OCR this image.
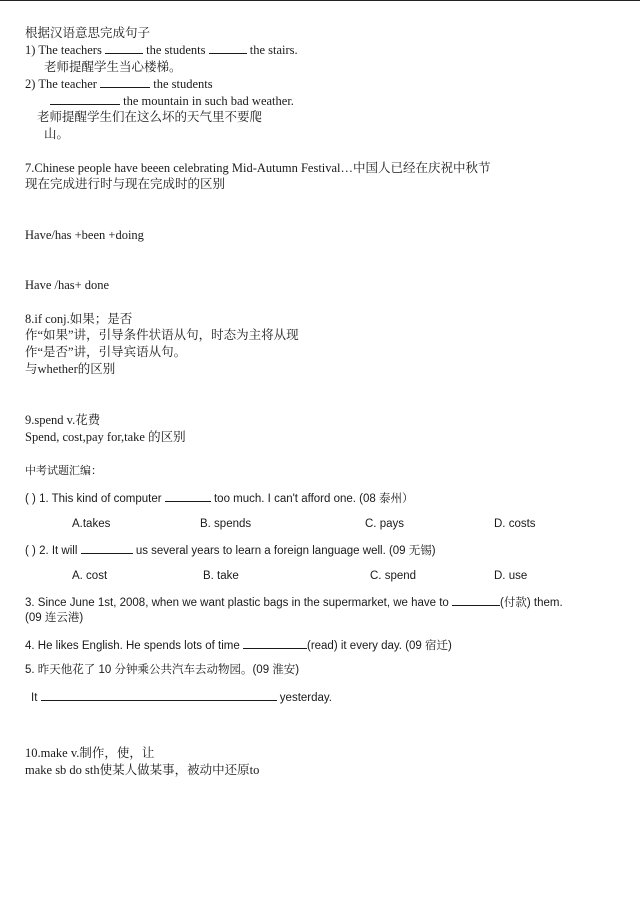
根据汉语意思完成句子
1) The teachers	the students	the stairs.
老师提醒学生当心楼梯。
2) The teacher	the students
the mountain in such bad weather.
老师提醒学生们在这么坏的天气里不要爬
山。
7.Chinese people have beeen celebrating Mid-Autumn Festival…中国人已经在庆祝中秋节
现在完成进行时与现在完成时的区别
Have/has +been +doing
Have /has+ done
8.if conj.如果；是否
作“如果”讲，引导条件状语从句，时态为主将从现
作“是否”讲，引导宾语从句。
与whether的区别
9.spend v.花费
Spend, cost,pay for,take 的区别
中考试题汇编：
( ) 1. This kind of computer	too much. I can't afford one. (08 泰州）
A.takes	B. spends	C. pays	D. costs
( ) 2. It will	us several years to learn a foreign language well. (09 无锡)
A. cost	B. take	C. spend	D. use
3. Since June 1st, 2008, when we want plastic bags in the supermarket, we have to	(付款) them.
(09 连云港)
4. He likes English. He spends lots of time	(read) it every day. (09 宿迁)
5. 昨天他花了 10 分钟乘公共汽车去动物园。(09 淮安)
It	yesterday.
10.make v.制作，使，让
make sb do sth使某人做某事，被动中还原to
